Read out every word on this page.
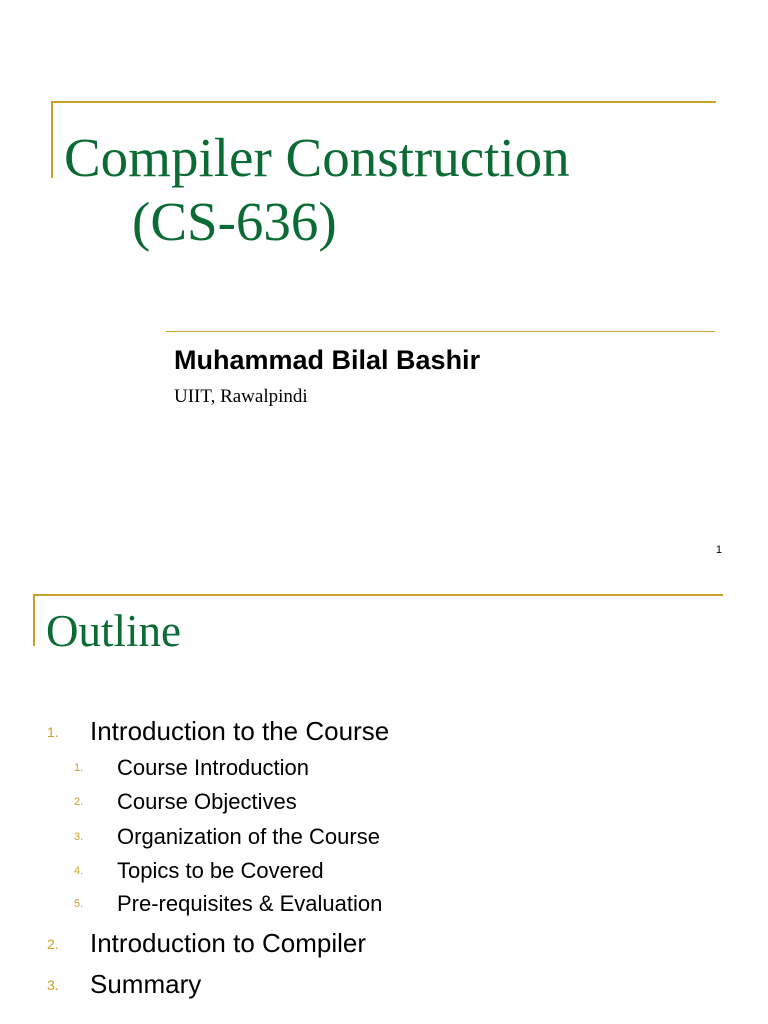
Compiler Construction
(CS-636)

Muhammad Bilal Bashir

UIIT, Rawalpindi

1
Outline
1. Introduction to the Course
1. Course Introduction
2. Course Objectives
3. Organization of the Course
4. Topics to be Covered
5. Pre-requisites & Evaluation
2. Introduction to Compiler
3. Summary
